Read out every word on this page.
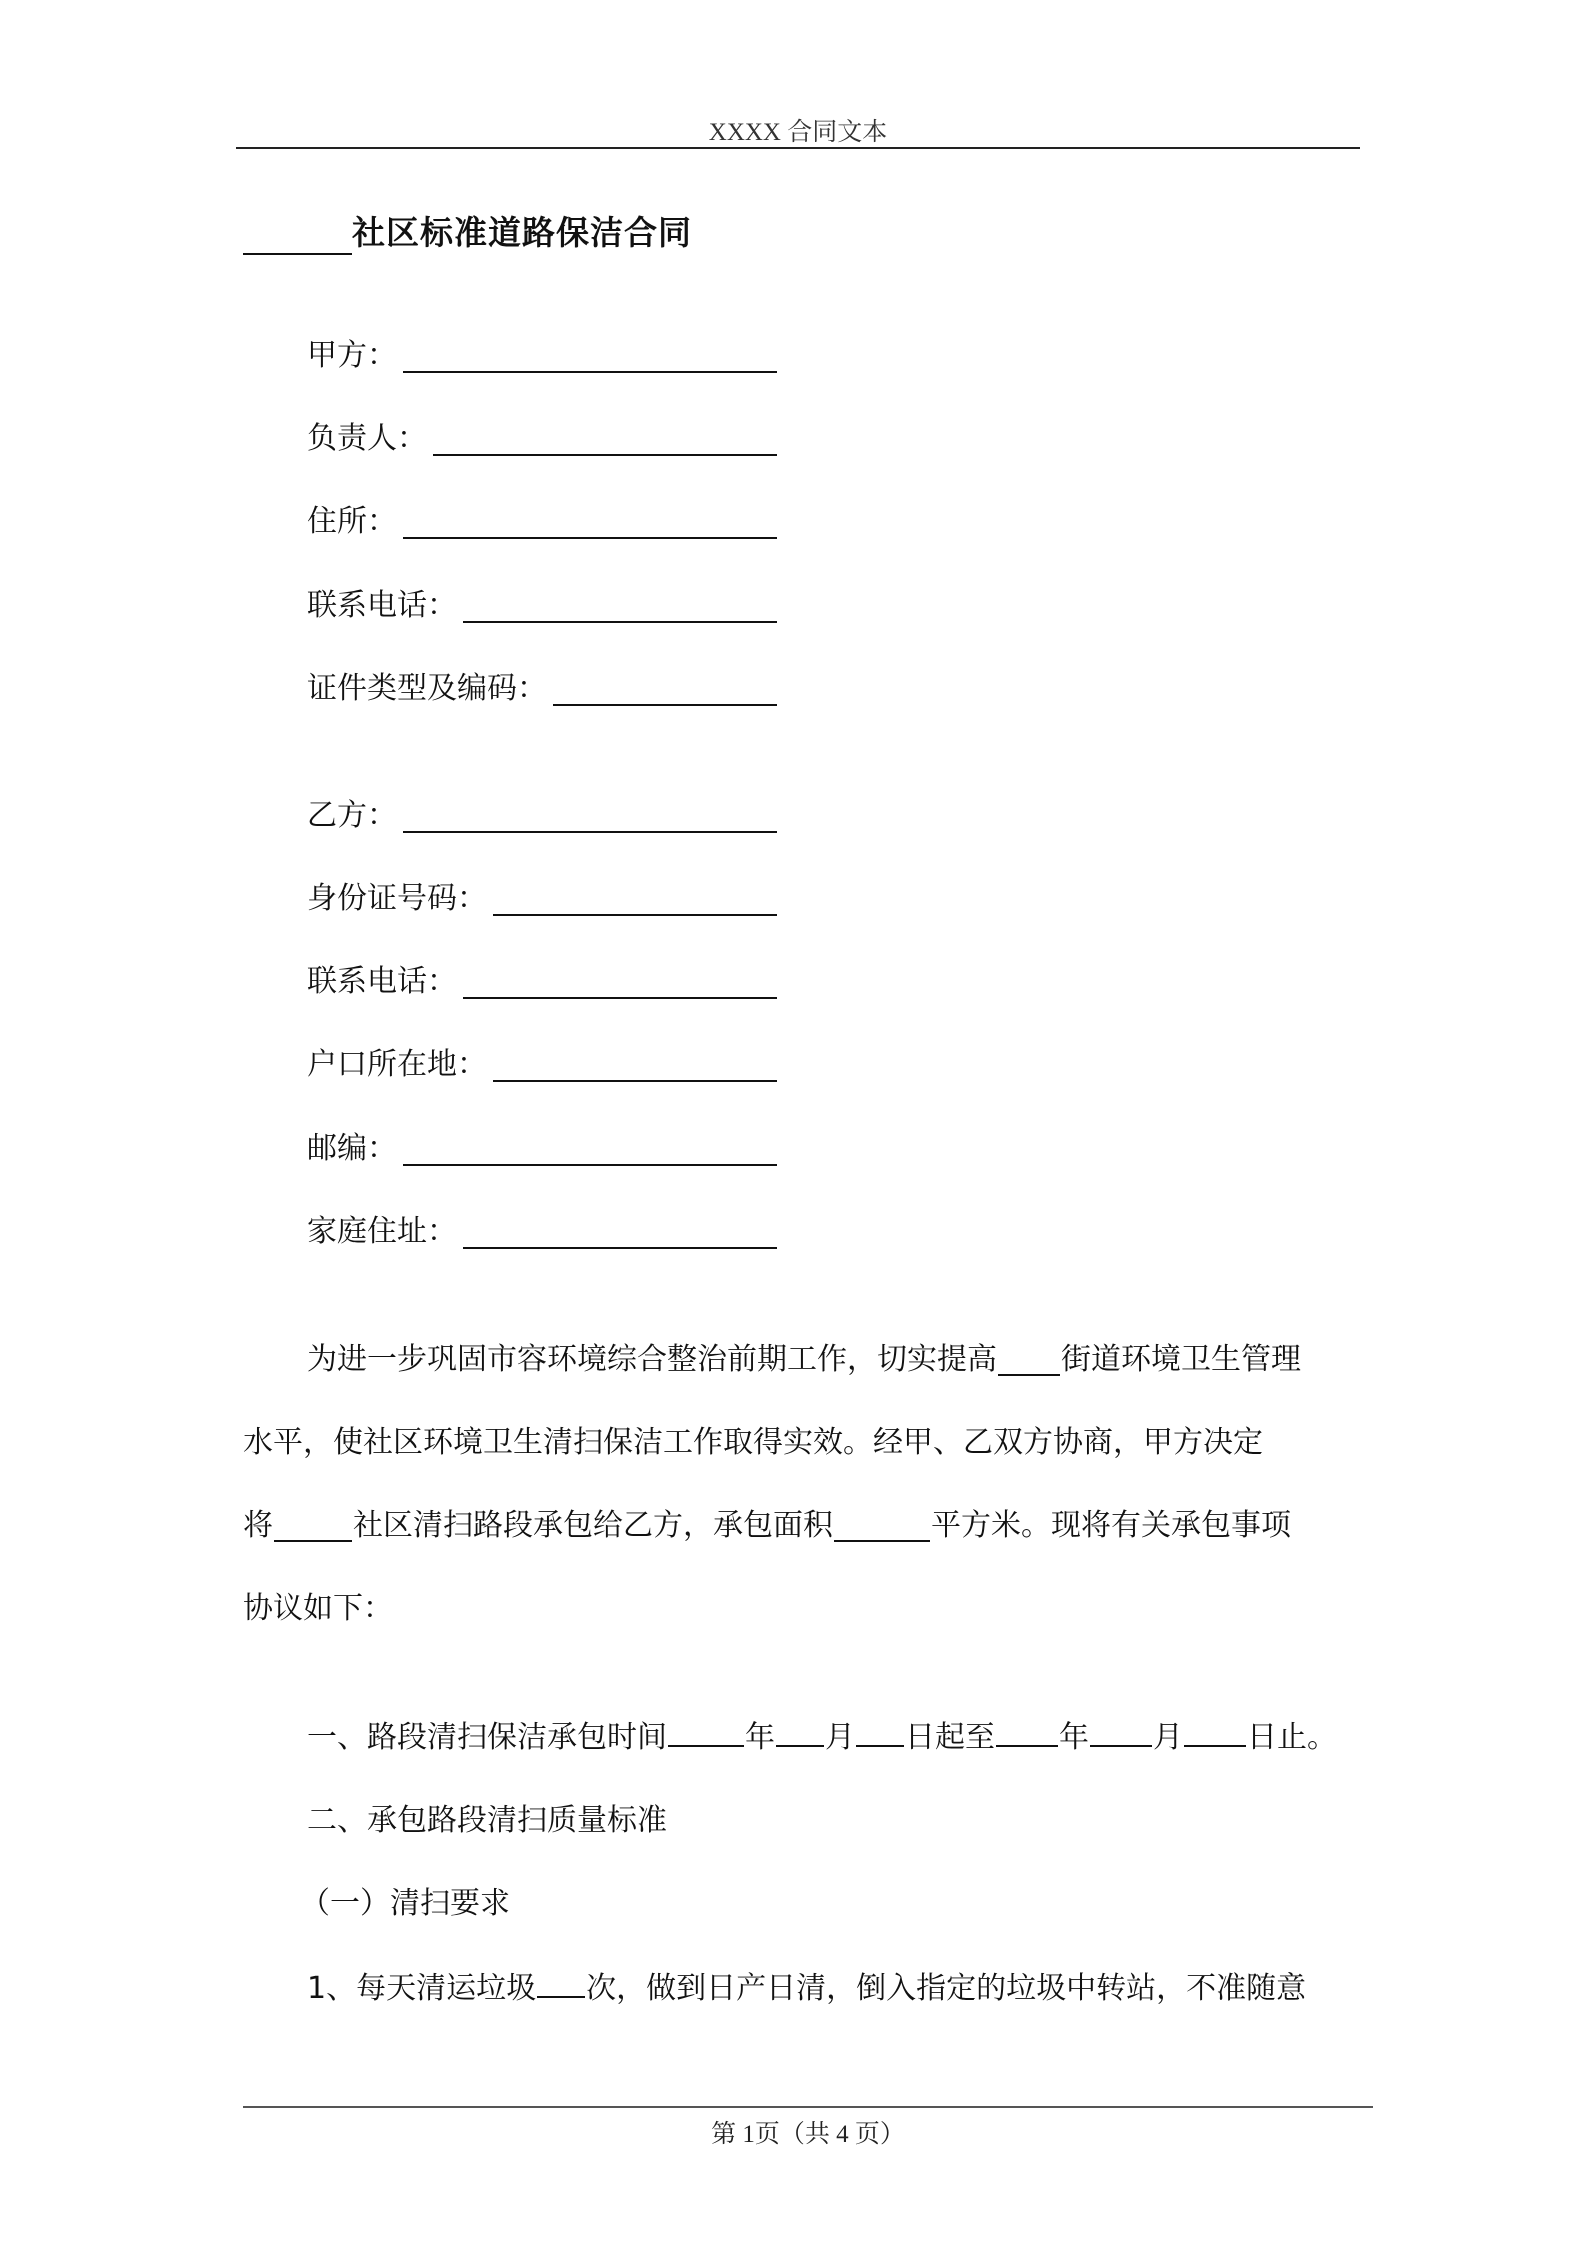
XXXX 合同文本
社区标准道路保洁合同
甲方：
负责人：
住所：
联系电话：
证件类型及编码：
乙方：
身份证号码：
联系电话：
户口所在地：
邮编：
家庭住址：
为进一步巩固市容环境综合整治前期工作，切实提高 街道环境卫生管理
水平，使社区环境卫生清扫保洁工作取得实效。经甲、乙双方协商，甲方决定
将	社区清扫路段承包给乙方，承包面积	平方米。现将有关承包事项
协议如下：
一、路段清扫保洁承包时间	年 月 日起至 年 月 日止。
二、承包路段清扫质量标准
（一）清扫要求
1、每天清运垃圾 次，做到日产日清，倒入指定的垃圾中转站，不准随意
第 1页（共 4 页）
